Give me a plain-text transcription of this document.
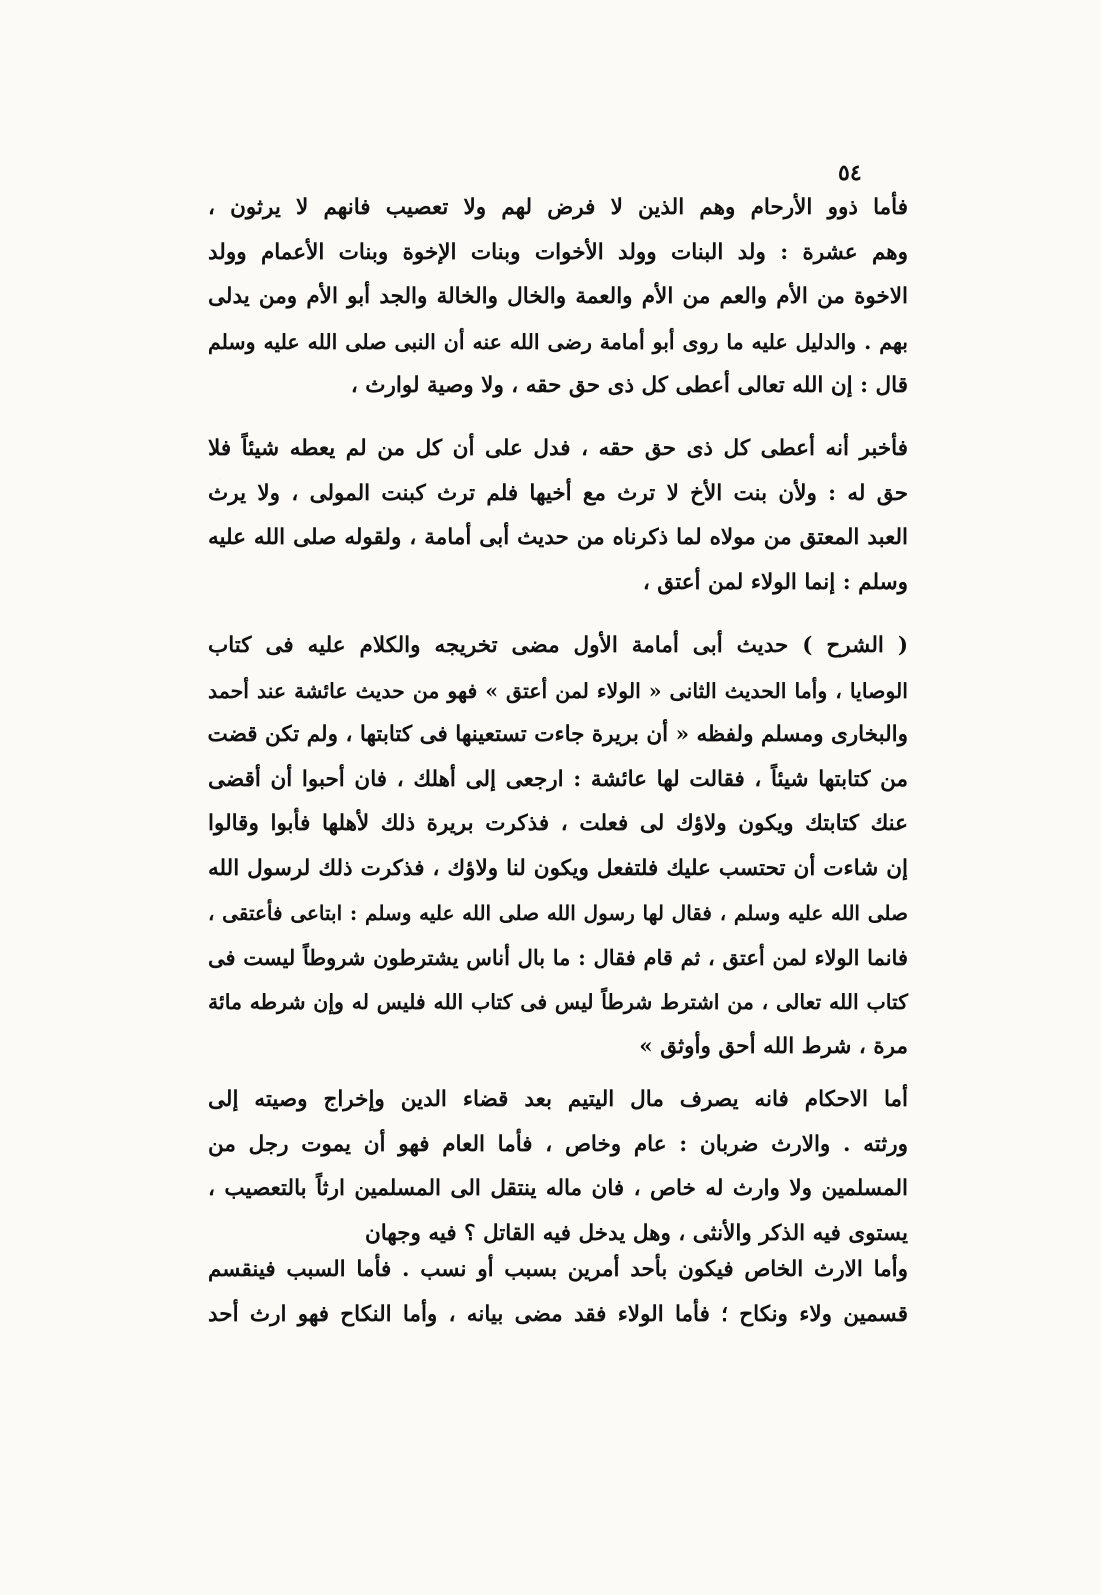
٥٤
فأما ذوو الأرحام وهم الذين لا فرض لهم ولا تعصيب فانهم لا يرثون ،
وهم عشرة : ولد البنات وولد الأخوات وبنات الإخوة وبنات الأعمام وولد
الاخوة من الأم والعم من الأم والعمة والخال والخالة والجد أبو الأم ومن يدلى
بهم . والدليل عليه ما روى أبو أمامة رضى الله عنه أن النبى صلى الله عليه وسلم
قال : إن الله تعالى أعطى كل ذى حق حقه ، ولا وصية لوارث ،
فأخبر أنه أعطى كل ذى حق حقه ، فدل على أن كل من لم يعطه شيئاً فلا
حق له : ولأن بنت الأخ لا ترث مع أخيها فلم ترث كبنت المولى ، ولا يرث
العبد المعتق من مولاه لما ذكرناه من حديث أبى أمامة ، ولقوله صلى الله عليه
وسلم : إنما الولاء لمن أعتق ،
( الشرح ) حديث أبى أمامة الأول مضى تخريجه والكلام عليه فى كتاب
الوصايا ، وأما الحديث الثانى « الولاء لمن أعتق » فهو من حديث عائشة عند أحمد
والبخارى ومسلم ولفظه « أن بريرة جاءت تستعينها فى كتابتها ، ولم تكن قضت
من كتابتها شيئاً ، فقالت لها عائشة : ارجعى إلى أهلك ، فان أحبوا أن أقضى
عنك كتابتك ويكون ولاؤك لى فعلت ، فذكرت بريرة ذلك لأهلها فأبوا وقالوا
إن شاءت أن تحتسب عليك فلتفعل ويكون لنا ولاؤك ، فذكرت ذلك لرسول الله
صلى الله عليه وسلم ، فقال لها رسول الله صلى الله عليه وسلم : ابتاعى فأعتقى ،
فانما الولاء لمن أعتق ، ثم قام فقال : ما بال أناس يشترطون شروطاً ليست فى
كتاب الله تعالى ، من اشترط شرطاً ليس فى كتاب الله فليس له وإن شرطه مائة
مرة ، شرط الله أحق وأوثق »
أما الاحكام فانه يصرف مال اليتيم بعد قضاء الدين وإخراج وصيته إلى
ورثته . والارث ضربان : عام وخاص ، فأما العام فهو أن يموت رجل من
المسلمين ولا وارث له خاص ، فان ماله ينتقل الى المسلمين ارثاً بالتعصيب ،
يستوى فيه الذكر والأنثى ، وهل يدخل فيه القاتل ؟ فيه وجهان
وأما الارث الخاص فيكون بأحد أمرين بسبب أو نسب . فأما السبب فينقسم
قسمين ولاء ونكاح ؛ فأما الولاء فقد مضى بيانه ، وأما النكاح فهو ارث أحد
